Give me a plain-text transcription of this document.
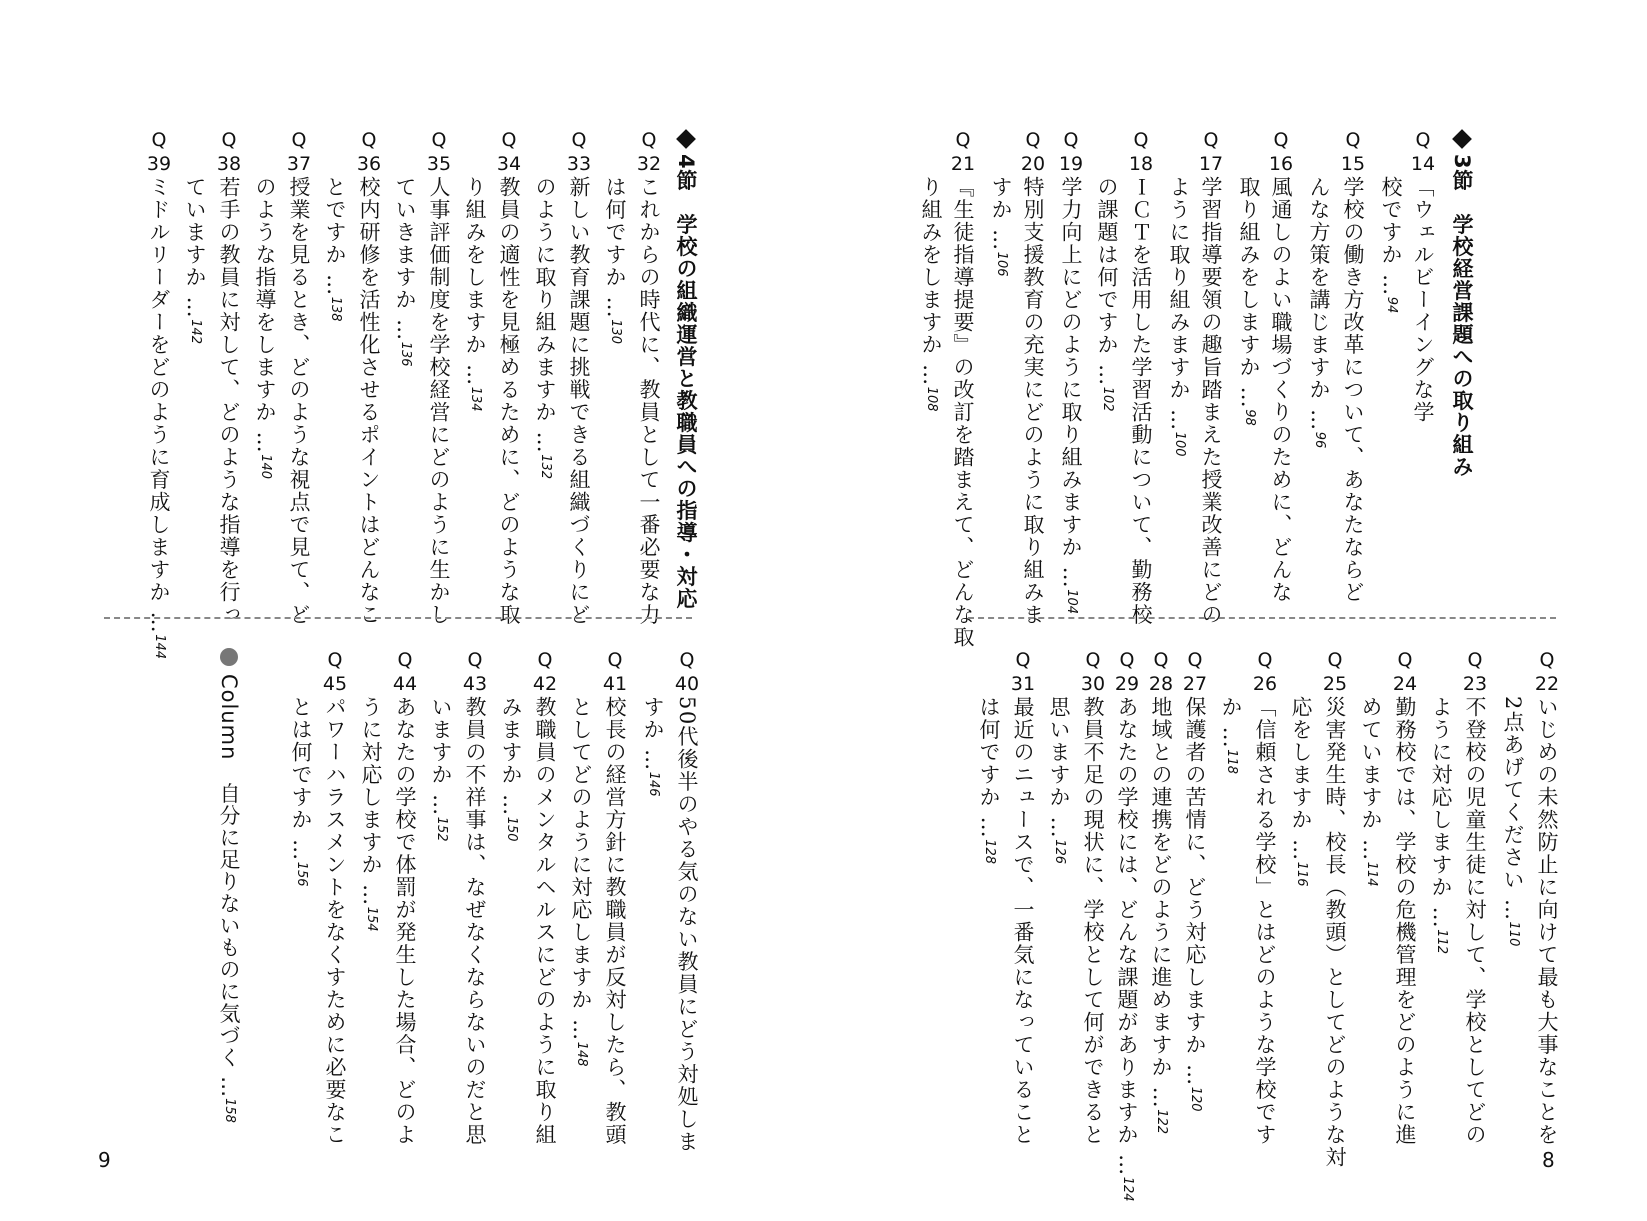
3節　学校経営課題への取り組み
Q 14
「ウェルビーイングな学
校ですか …94
Q 15
学校の働き方改革について、あなたならど
んな方策を講じますか …96
Q 16
風通しのよい職場づくりのために、どんな
取り組みをしますか …98
Q 17
学習指導要領の趣旨踏まえた授業改善にどの
ように取り組みますか …100
Q 18
ＩＣＴを活用した学習活動について、勤務校
の課題は何ですか …102
Q 19
学力向上にどのように取り組みますか …104
Q 20
特別支援教育の充実にどのように取り組みま
すか …106
Q 21
『生徒指導提要』の改訂を踏まえて、どんな取
り組みをしますか …108
Q 22
いじめの未然防止に向けて最も大事なことを
2点あげてください …110
Q 23
不登校の児童生徒に対して、学校としてどの
ように対応しますか …112
Q 24
勤務校では、学校の危機管理をどのように進
めていますか …114
Q 25
災害発生時、校長（教頭）としてどのような対
応をしますか …116
Q 26
「信頼される学校」とはどのような学校です
か …118
Q 27
保護者の苦情に、どう対応しますか …120
Q 28
地域との連携をどのように進めますか …122
Q 29
あなたの学校には、どんな課題がありますか …124
Q 30
教員不足の現状に、学校として何ができると
思いますか …126
Q 31
最近のニュースで、一番気になっていること
は何ですか …128
8
4節　学校の組織運営と教職員への指導・対応
Q 32
これからの時代に、教員として一番必要な力
は何ですか …130
Q 33
新しい教育課題に挑戦できる組織づくりにど
のように取り組みますか …132
Q 34
教員の適性を見極めるために、どのような取
り組みをしますか …134
Q 35
人事評価制度を学校経営にどのように生かし
ていきますか …136
Q 36
校内研修を活性化させるポイントはどんなこ
とですか …138
Q 37
授業を見るとき、どのような視点で見て、ど
のような指導をしますか …140
Q 38
若手の教員に対して、どのような指導を行っ
ていますか …142
Q 39
ミドルリーダーをどのように育成しますか …144
Q 40
50代後半のやる気のない教員にどう対処しま
すか …146
Q 41
校長の経営方針に教職員が反対したら、教頭
としてどのように対応しますか …148
Q 42
教職員のメンタルヘルスにどのように取り組
みますか …150
Q 43
教員の不祥事は、なぜなくならないのだと思
いますか …152
Q 44
あなたの学校で体罰が発生した場合、どのよ
うに対応しますか …154
Q 45
パワーハラスメントをなくすために必要なこ
とは何ですか …156
Column　自分に足りないものに気づく …158
9
